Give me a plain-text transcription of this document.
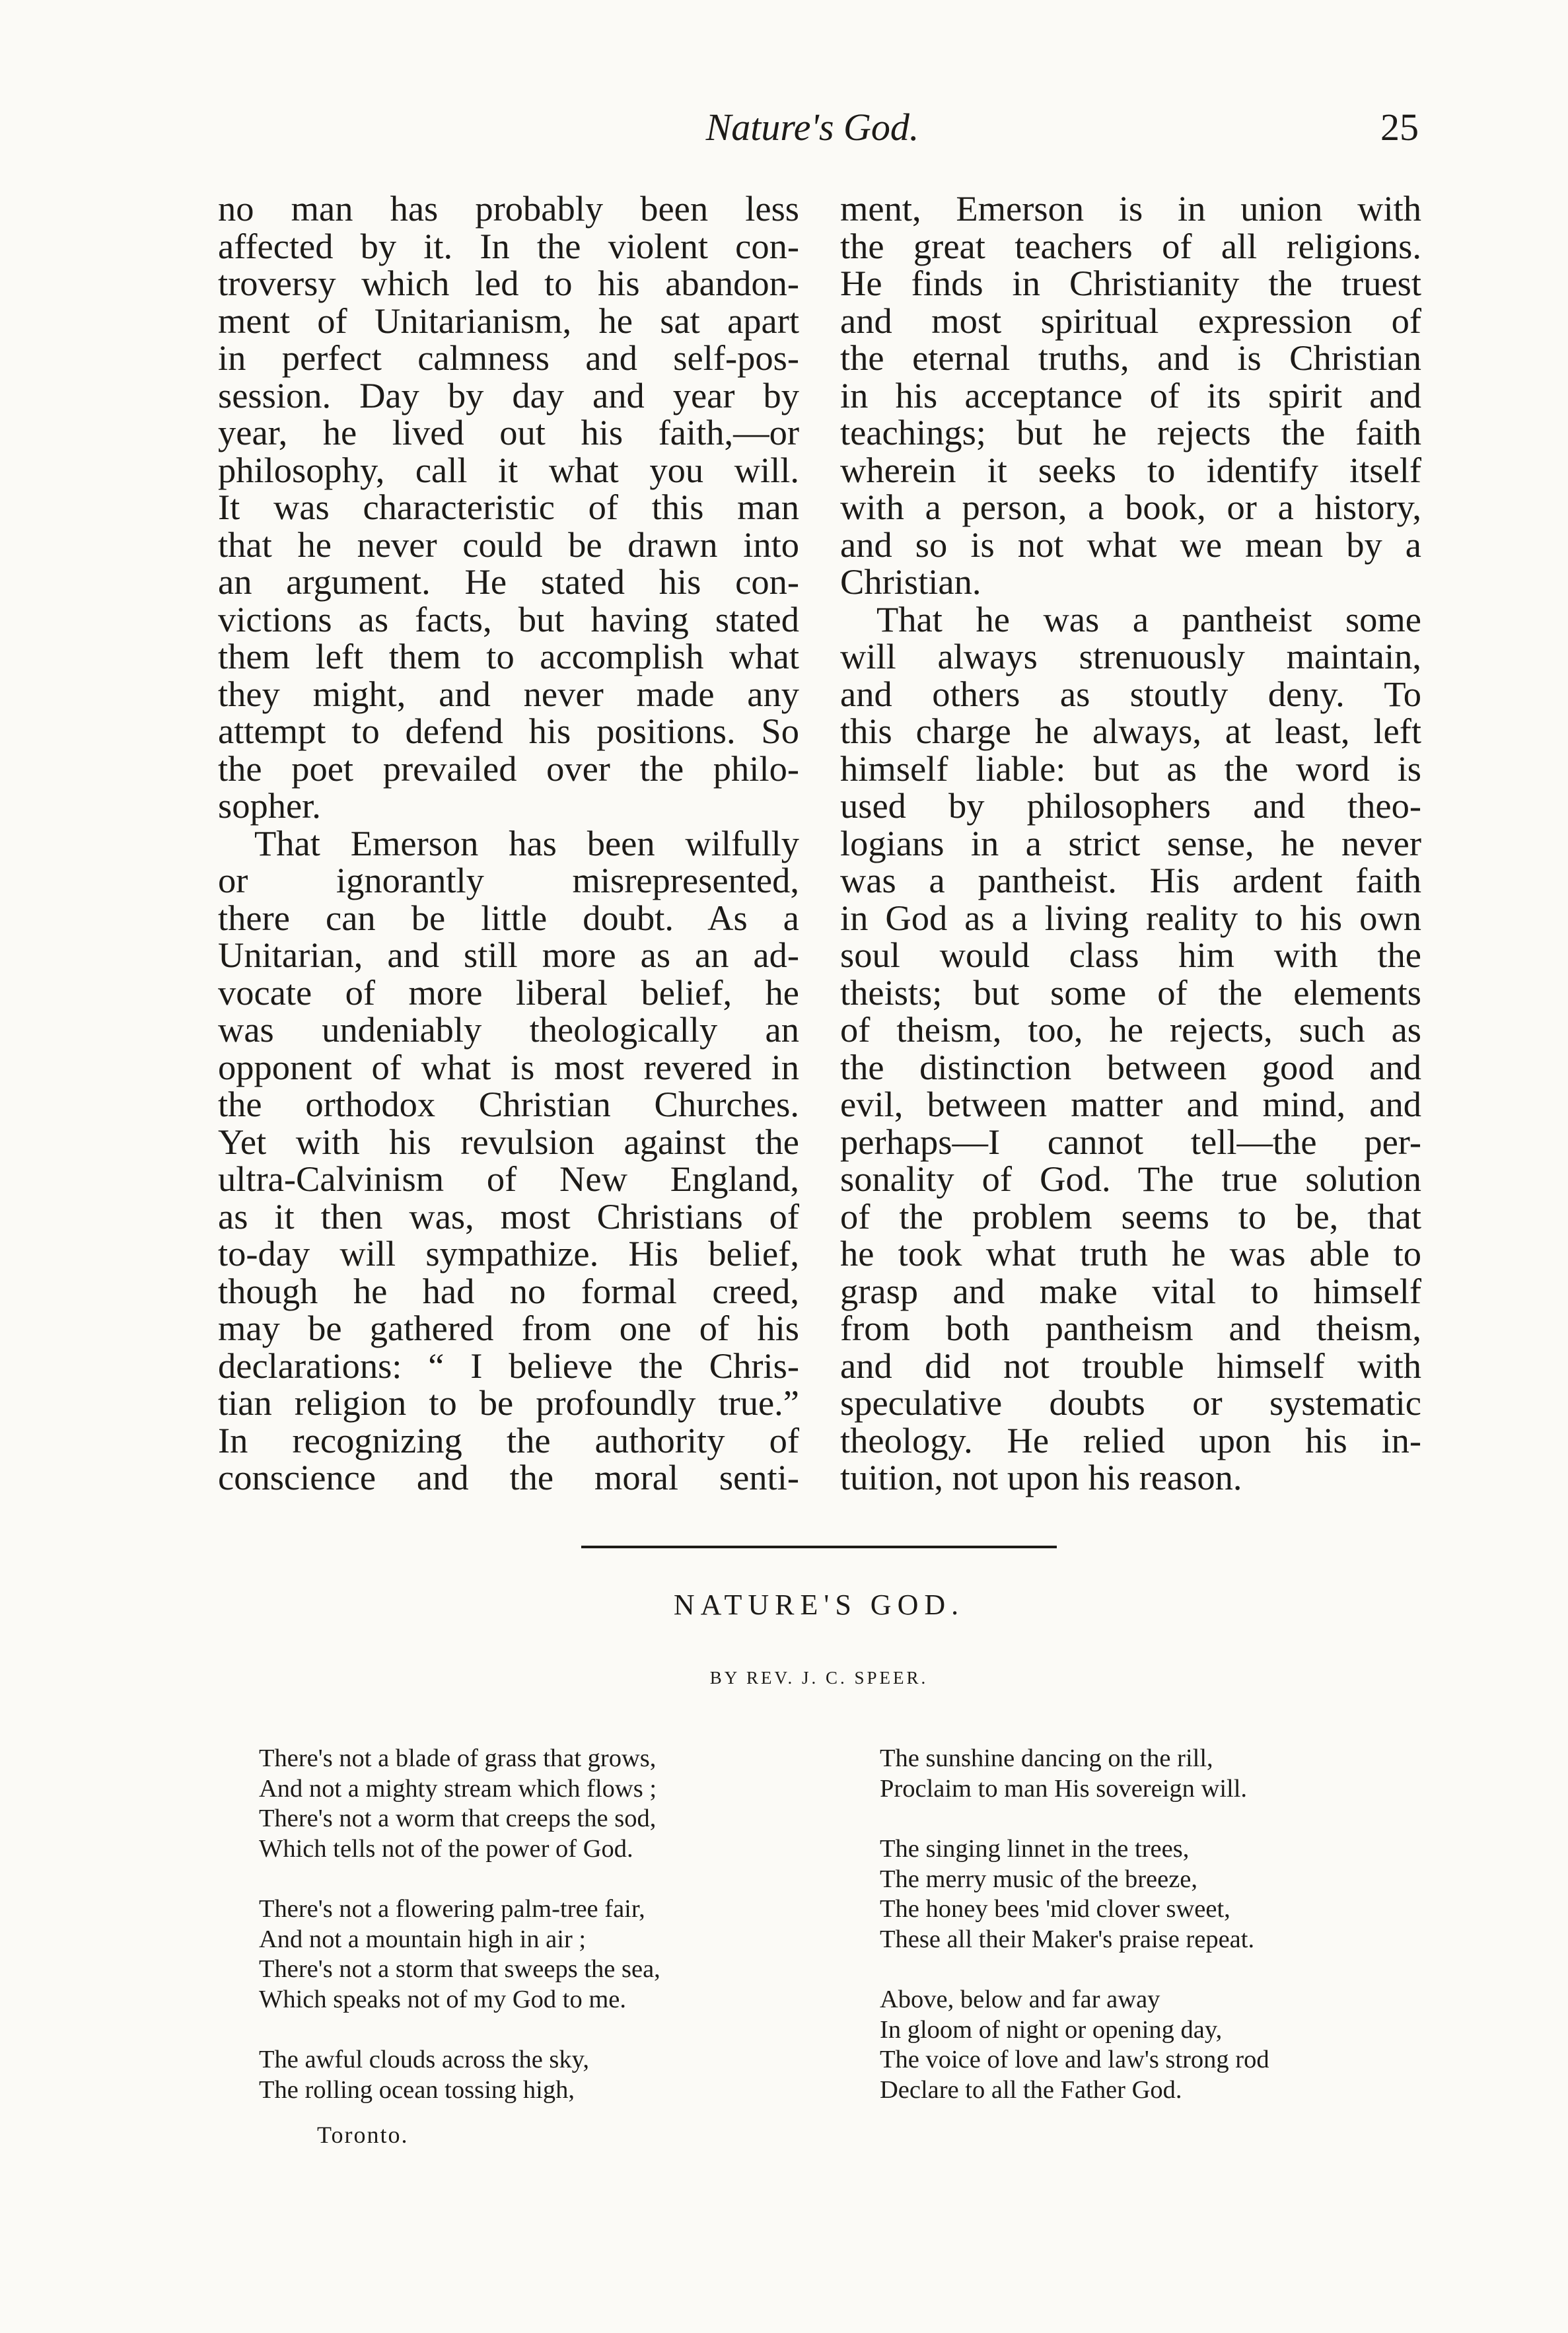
Nature's God.	25
no man has probably been less
affected by it. In the violent con-
troversy which led to his abandon-
ment of Unitarianism, he sat apart
in perfect calmness and self-pos-
session. Day by day and year by
year, he lived out his faith,—or
philosophy, call it what you will.
It was characteristic of this man
that he never could be drawn into
an argument. He stated his con-
victions as facts, but having stated
them left them to accomplish what
they might, and never made any
attempt to defend his positions. So
the poet prevailed over the philo-
sopher.
That Emerson has been wilfully
or ignorantly misrepresented,
there can be little doubt. As a
Unitarian, and still more as an ad-
vocate of more liberal belief, he
was undeniably theologically an
opponent of what is most revered in
the orthodox Christian Churches.
Yet with his revulsion against the
ultra-Calvinism of New England,
as it then was, most Christians of
to-day will sympathize. His belief,
though he had no formal creed,
may be gathered from one of his
declarations: “ I believe the Chris-
tian religion to be profoundly true.”
In recognizing the authority of
conscience and the moral senti-
ment, Emerson is in union with
the great teachers of all religions.
He finds in Christianity the truest
and most spiritual expression of
the eternal truths, and is Christian
in his acceptance of its spirit and
teachings; but he rejects the faith
wherein it seeks to identify itself
with a person, a book, or a history,
and so is not what we mean by a
Christian.
That he was a pantheist some
will always strenuously maintain,
and others as stoutly deny. To
this charge he always, at least, left
himself liable: but as the word is
used by philosophers and theo-
logians in a strict sense, he never
was a pantheist. His ardent faith
in God as a living reality to his own
soul would class him with the
theists; but some of the elements
of theism, too, he rejects, such as
the distinction between good and
evil, between matter and mind, and
perhaps—I cannot tell—the per-
sonality of God. The true solution
of the problem seems to be, that
he took what truth he was able to
grasp and make vital to himself
from both pantheism and theism,
and did not trouble himself with
speculative doubts or systematic
theology. He relied upon his in-
tuition, not upon his reason.
NATURE'S GOD.
BY REV. J. C. SPEER.
There's not a blade of grass that grows,
And not a mighty stream which flows ;
There's not a worm that creeps the sod,
Which tells not of the power of God.
There's not a flowering palm-tree fair,
And not a mountain high in air ;
There's not a storm that sweeps the sea,
Which speaks not of my God to me.
The awful clouds across the sky,
The rolling ocean tossing high,
The sunshine dancing on the rill,
Proclaim to man His sovereign will.
The singing linnet in the trees,
The merry music of the breeze,
The honey bees 'mid clover sweet,
These all their Maker's praise repeat.
Above, below and far away
In gloom of night or opening day,
The voice of love and law's strong rod
Declare to all the Father God.
Toronto.
